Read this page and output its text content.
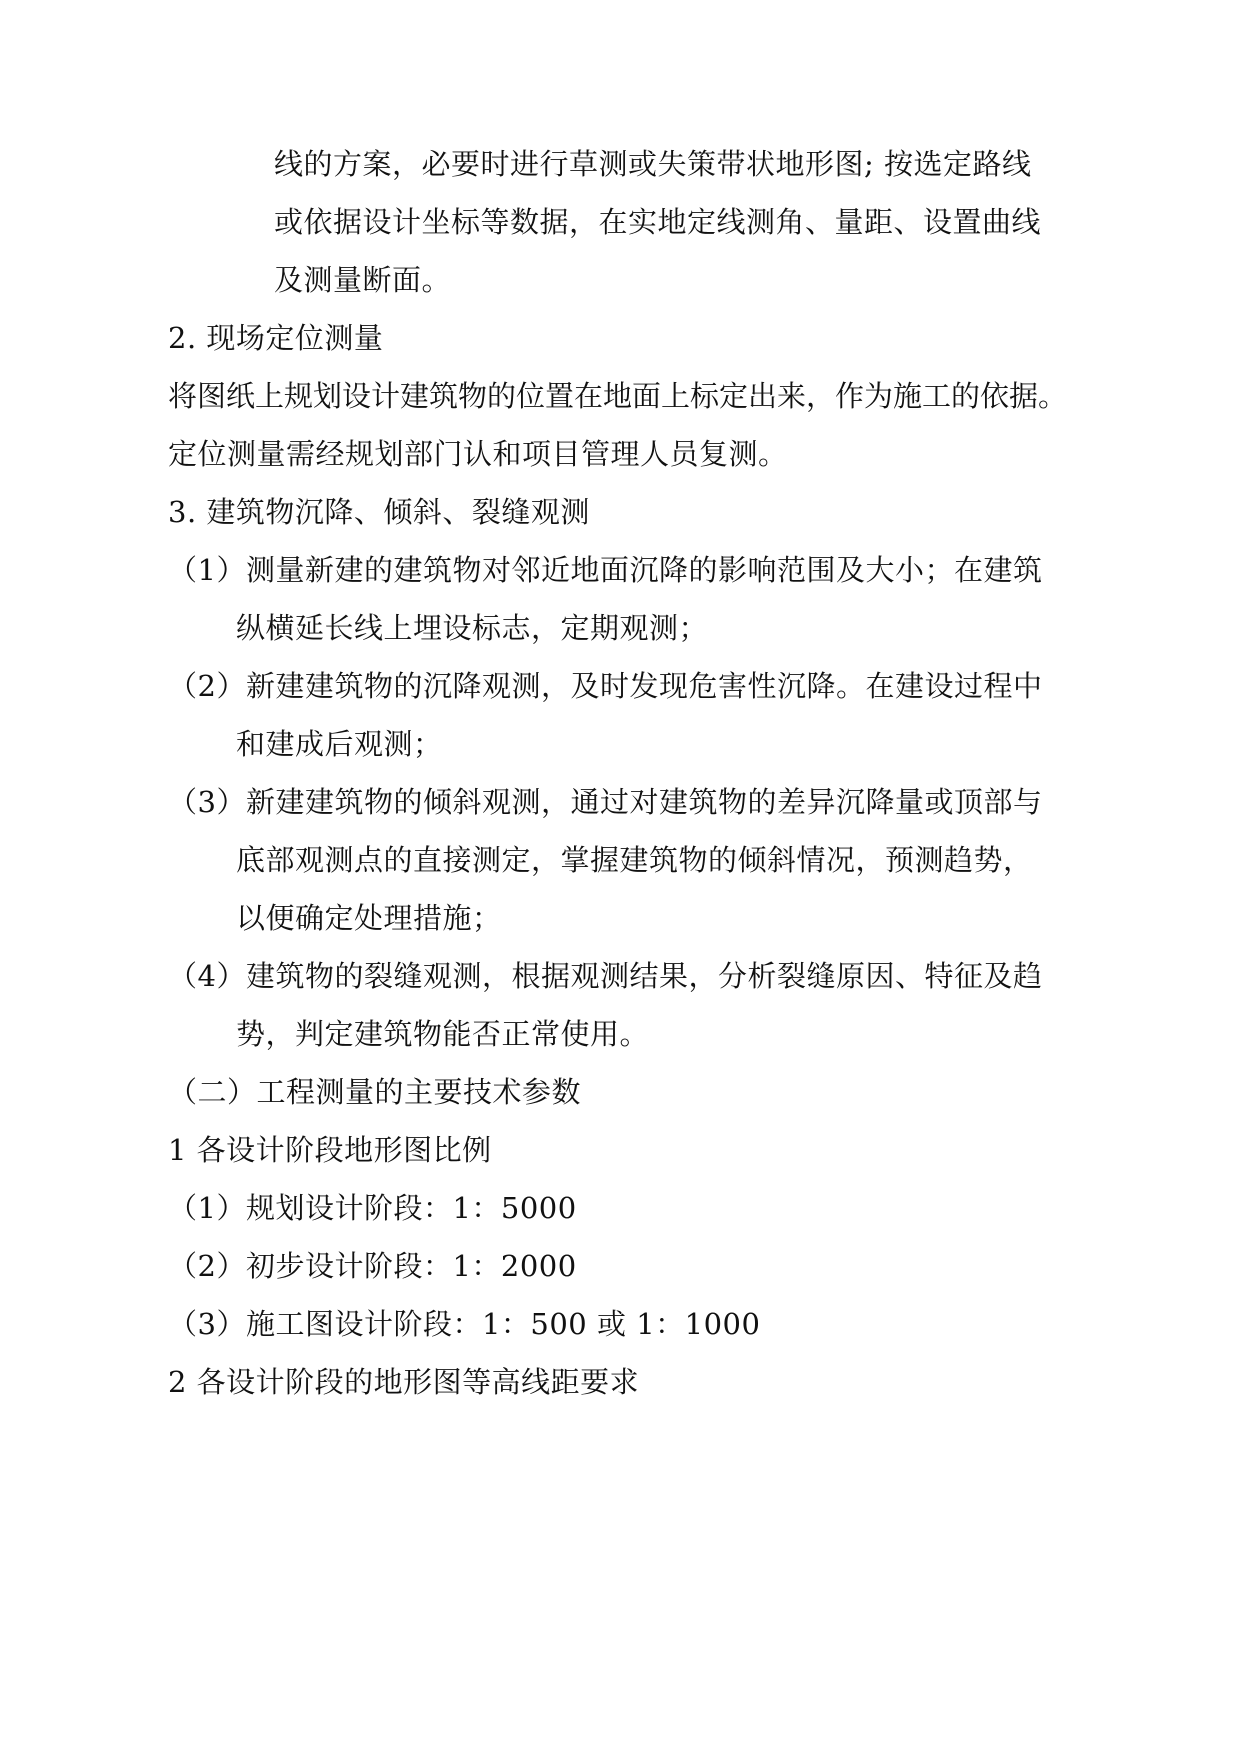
线的方案，必要时进行草测或失策带状地形图; 按选定路线
或依据设计坐标等数据，在实地定线测角、量距、设置曲线
及测量断面。
2. 现场定位测量
将图纸上规划设计建筑物的位置在地面上标定出来，作为施工的依据。
定位测量需经规划部门认和项目管理人员复测。
3. 建筑物沉降、倾斜、裂缝观测
（1）测量新建的建筑物对邻近地面沉降的影响范围及大小；在建筑
纵横延长线上埋设标志，定期观测；
（2）新建建筑物的沉降观测，及时发现危害性沉降。在建设过程中
和建成后观测；
（3）新建建筑物的倾斜观测，通过对建筑物的差异沉降量或顶部与
底部观测点的直接测定，掌握建筑物的倾斜情况，预测趋势，
以便确定处理措施；
（4）建筑物的裂缝观测，根据观测结果，分析裂缝原因、特征及趋
势，判定建筑物能否正常使用。
（二）工程测量的主要技术参数
1 各设计阶段地形图比例
（1）规划设计阶段：1：5000
（2）初步设计阶段：1：2000
（3）施工图设计阶段：1：500 或 1：1000
2 各设计阶段的地形图等高线距要求
